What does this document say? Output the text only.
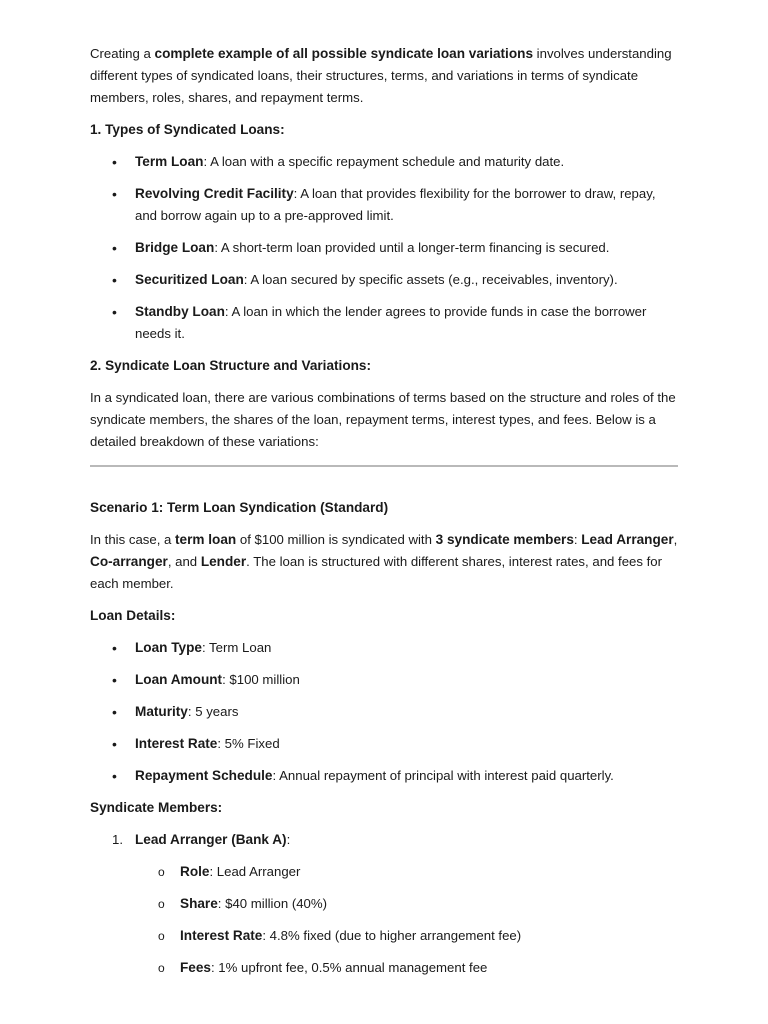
Creating a complete example of all possible syndicate loan variations involves understanding different types of syndicated loans, their structures, terms, and variations in terms of syndicate members, roles, shares, and repayment terms.

1. Types of Syndicated Loans:
• Term Loan: A loan with a specific repayment schedule and maturity date.
• Revolving Credit Facility: A loan that provides flexibility for the borrower to draw, repay, and borrow again up to a pre-approved limit.
• Bridge Loan: A short-term loan provided until a longer-term financing is secured.
• Securitized Loan: A loan secured by specific assets (e.g., receivables, inventory).
• Standby Loan: A loan in which the lender agrees to provide funds in case the borrower needs it.
2. Syndicate Loan Structure and Variations:

In a syndicated loan, there are various combinations of terms based on the structure and roles of the syndicate members, the shares of the loan, repayment terms, interest types, and fees. Below is a detailed breakdown of these variations:

Scenario 1: Term Loan Syndication (Standard)

In this case, a term loan of $100 million is syndicated with 3 syndicate members: Lead Arranger, Co-arranger, and Lender. The loan is structured with different shares, interest rates, and fees for each member.

Loan Details:
• Loan Type: Term Loan
• Loan Amount: $100 million
• Maturity: 5 years
• Interest Rate: 5% Fixed
• Repayment Schedule: Annual repayment of principal with interest paid quarterly.
Syndicate Members:
1. Lead Arranger (Bank A):
o Role: Lead Arranger
o Share: $40 million (40%)
o Interest Rate: 4.8% fixed (due to higher arrangement fee)
o Fees: 1% upfront fee, 0.5% annual management fee
